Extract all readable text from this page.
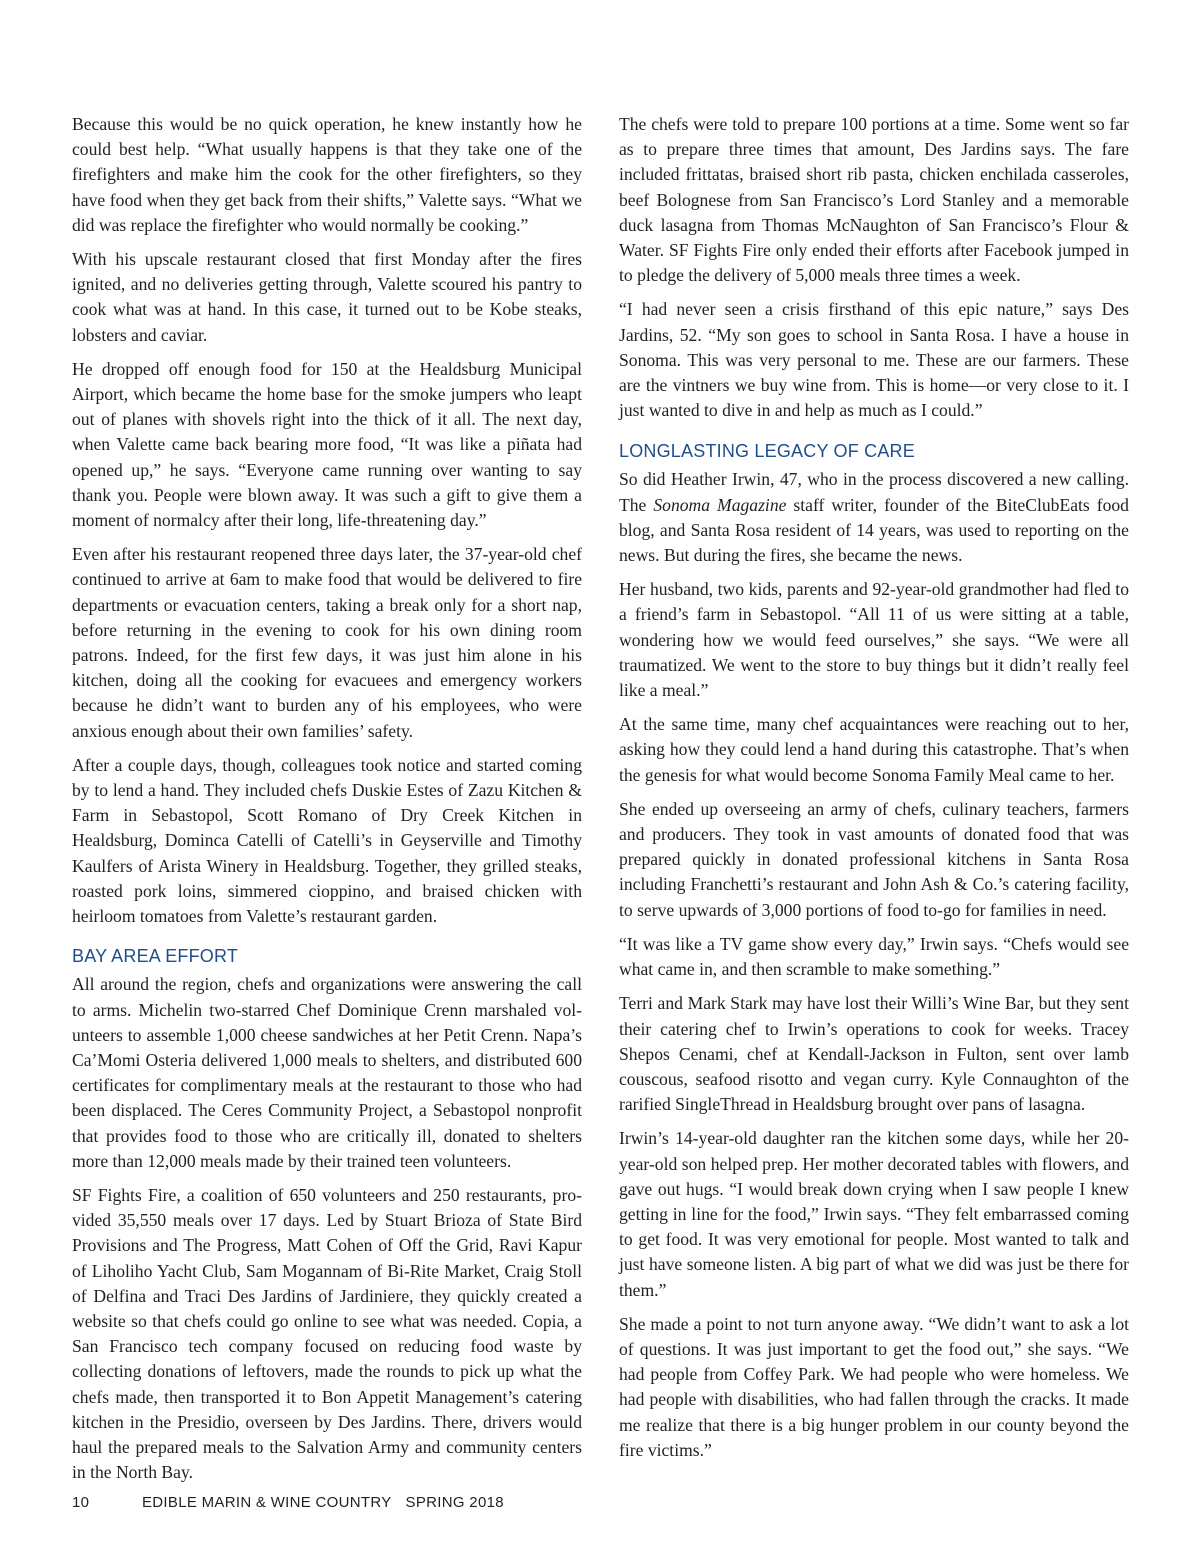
Because this would be no quick operation, he knew instantly how he could best help. “What usually happens is that they take one of the firefighters and make him the cook for the other firefighters, so they have food when they get back from their shifts,” Valette says. “What we did was replace the firefighter who would normally be cooking.”

With his upscale restaurant closed that first Monday after the fires ignited, and no deliveries getting through, Valette scoured his pantry to cook what was at hand. In this case, it turned out to be Kobe steaks, lobsters and caviar.

He dropped off enough food for 150 at the Healdsburg Municipal Airport, which became the home base for the smoke jumpers who leapt out of planes with shovels right into the thick of it all. The next day, when Valette came back bearing more food, “It was like a piñata had opened up,” he says. “Everyone came running over wanting to say thank you. People were blown away. It was such a gift to give them a moment of normalcy after their long, life-threatening day.”

Even after his restaurant reopened three days later, the 37-year-old chef continued to arrive at 6am to make food that would be delivered to fire departments or evacuation centers, taking a break only for a short nap, before returning in the evening to cook for his own dining room patrons. Indeed, for the first few days, it was just him alone in his kitchen, doing all the cooking for evacuees and emergency workers because he didn’t want to burden any of his employees, who were anxious enough about their own families’ safety.

After a couple days, though, colleagues took notice and started coming by to lend a hand. They included chefs Duskie Estes of Zazu Kitchen & Farm in Sebastopol, Scott Romano of Dry Creek Kitchen in Healdsburg, Dominca Catelli of Catelli’s in Geyserville and Timothy Kaulfers of Arista Winery in Healdsburg. Together, they grilled steaks, roasted pork loins, simmered cioppino, and braised chicken with heirloom tomatoes from Valette’s restaurant garden.

BAY AREA EFFORT

All around the region, chefs and organizations were answering the call to arms. Michelin two-starred Chef Dominique Crenn marshaled volunteers to assemble 1,000 cheese sandwiches at her Petit Crenn. Napa’s Ca’Momi Osteria delivered 1,000 meals to shelters, and distributed 600 certificates for complimentary meals at the restaurant to those who had been displaced. The Ceres Community Project, a Sebastopol nonprofit that provides food to those who are critically ill, donated to shelters more than 12,000 meals made by their trained teen volunteers.

SF Fights Fire, a coalition of 650 volunteers and 250 restaurants, provided 35,550 meals over 17 days. Led by Stuart Brioza of State Bird Provisions and The Progress, Matt Cohen of Off the Grid, Ravi Kapur of Liholiho Yacht Club, Sam Mogannam of Bi-Rite Market, Craig Stoll of Delfina and Traci Des Jardins of Jardiniere, they quickly created a website so that chefs could go online to see what was needed. Copia, a San Francisco tech company focused on reducing food waste by collecting donations of leftovers, made the rounds to pick up what the chefs made, then transported it to Bon Appetit Management’s catering kitchen in the Presidio, overseen by Des Jardins. There, drivers would haul the prepared meals to the Salvation Army and community centers in the North Bay.

The chefs were told to prepare 100 portions at a time. Some went so far as to prepare three times that amount, Des Jardins says. The fare included frittatas, braised short rib pasta, chicken enchilada casseroles, beef Bolognese from San Francisco’s Lord Stanley and a memorable duck lasagna from Thomas McNaughton of San Francisco’s Flour & Water. SF Fights Fire only ended their efforts after Facebook jumped in to pledge the delivery of 5,000 meals three times a week.

“I had never seen a crisis firsthand of this epic nature,” says Des Jardins, 52. “My son goes to school in Santa Rosa. I have a house in Sonoma. This was very personal to me. These are our farmers. These are the vintners we buy wine from. This is home—or very close to it. I just wanted to dive in and help as much as I could.”

LONGLASTING LEGACY OF CARE

So did Heather Irwin, 47, who in the process discovered a new calling. The Sonoma Magazine staff writer, founder of the BiteClubEats food blog, and Santa Rosa resident of 14 years, was used to reporting on the news. But during the fires, she became the news.

Her husband, two kids, parents and 92-year-old grandmother had fled to a friend’s farm in Sebastopol. “All 11 of us were sitting at a table, wondering how we would feed ourselves,” she says. “We were all traumatized. We went to the store to buy things but it didn’t really feel like a meal.”

At the same time, many chef acquaintances were reaching out to her, asking how they could lend a hand during this catastrophe. That’s when the genesis for what would become Sonoma Family Meal came to her.

She ended up overseeing an army of chefs, culinary teachers, farmers and producers. They took in vast amounts of donated food that was prepared quickly in donated professional kitchens in Santa Rosa including Franchetti’s restaurant and John Ash & Co.’s catering facility, to serve upwards of 3,000 portions of food to-go for families in need.

“It was like a TV game show every day,” Irwin says. “Chefs would see what came in, and then scramble to make something.”

Terri and Mark Stark may have lost their Willi’s Wine Bar, but they sent their catering chef to Irwin’s operations to cook for weeks. Tracey Shepos Cenami, chef at Kendall-Jackson in Fulton, sent over lamb couscous, seafood risotto and vegan curry. Kyle Connaughton of the rarified SingleThread in Healdsburg brought over pans of lasagna.

Irwin’s 14-year-old daughter ran the kitchen some days, while her 20-year-old son helped prep. Her mother decorated tables with flowers, and gave out hugs. “I would break down crying when I saw people I knew getting in line for the food,” Irwin says. “They felt embarrassed coming to get food. It was very emotional for people. Most wanted to talk and just have someone listen. A big part of what we did was just be there for them.”

She made a point to not turn anyone away. “We didn’t want to ask a lot of questions. It was just important to get the food out,” she says. “We had people from Coffey Park. We had people who were homeless. We had people with disabilities, who had fallen through the cracks. It made me realize that there is a big hunger problem in our county beyond the fire victims.”

10	EDIBLE MARIN & WINE COUNTRY SPRING 2018
